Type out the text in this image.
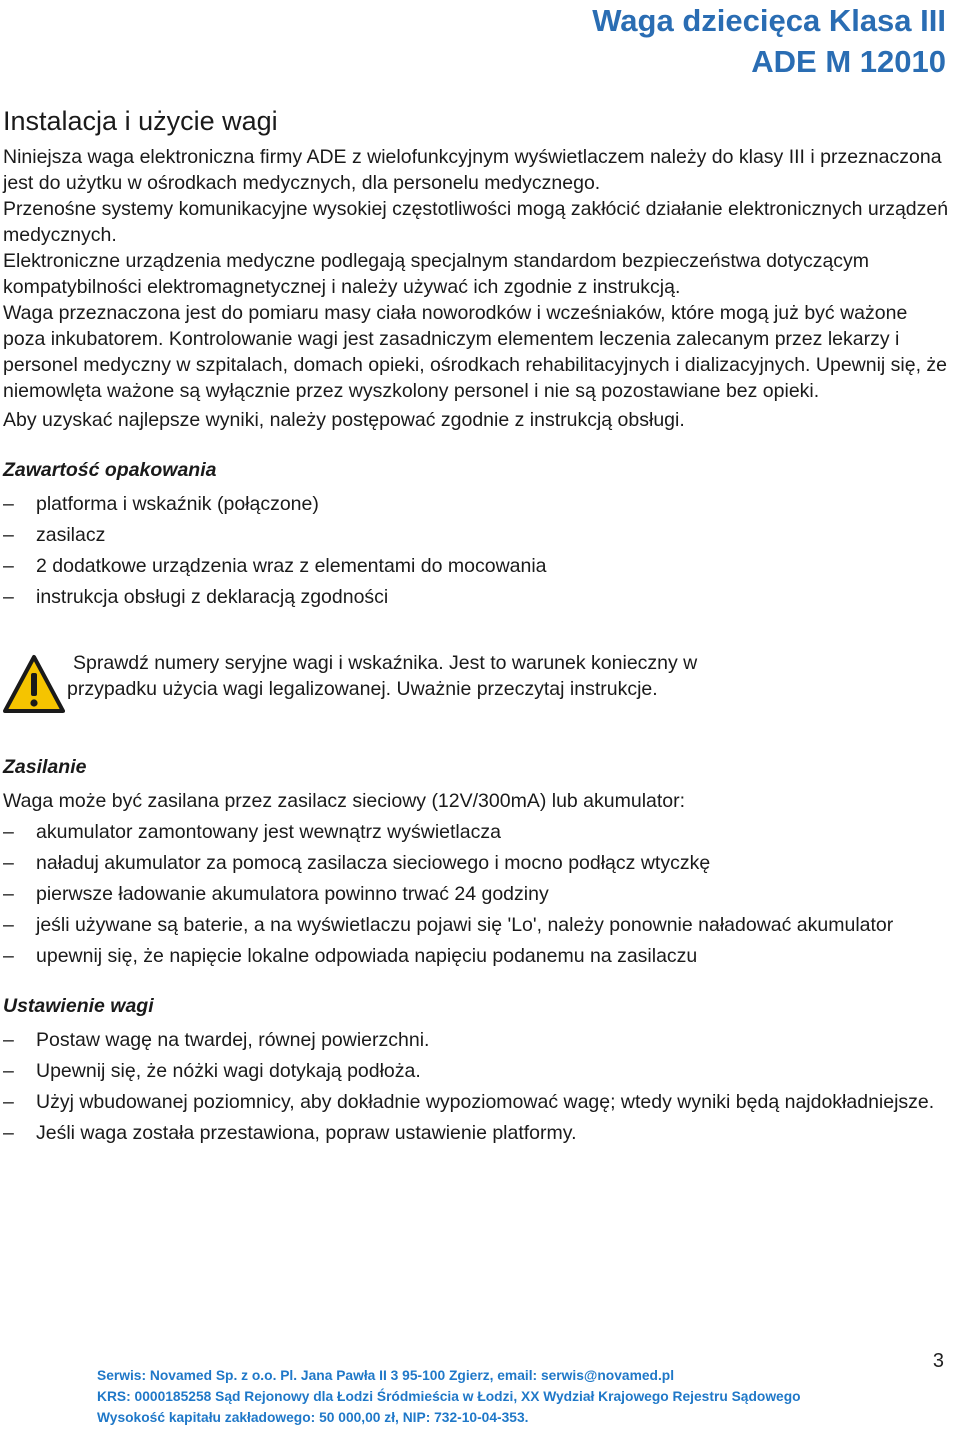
Waga dziecięca Klasa III
ADE M 12010
Instalacja i użycie wagi

Niniejsza waga elektroniczna firmy ADE z wielofunkcyjnym wyświetlaczem należy do klasy III i przeznaczona jest do użytku w ośrodkach medycznych, dla personelu medycznego.

Przenośne systemy komunikacyjne wysokiej częstotliwości mogą zakłócić działanie elektronicznych urządzeń medycznych.

Elektroniczne urządzenia medyczne podlegają specjalnym standardom bezpieczeństwa dotyczącym kompatybilności elektromagnetycznej i należy używać ich zgodnie z instrukcją.

Waga przeznaczona jest do pomiaru masy ciała noworodków i wcześniaków, które mogą już być ważone poza inkubatorem. Kontrolowanie wagi jest zasadniczym elementem leczenia zalecanym przez lekarzy i personel medyczny w szpitalach, domach opieki, ośrodkach rehabilitacyjnych i dializacyjnych. Upewnij się, że niemowlęta ważone są wyłącznie przez wyszkolony personel i nie są pozostawiane bez opieki.

Aby uzyskać najlepsze wyniki, należy postępować zgodnie z instrukcją obsługi.

Zawartość opakowania
–	platforma i wskaźnik (połączone)
–	zasilacz
–	2 dodatkowe urządzenia wraz z elementami do mocowania
–	instrukcja obsługi z deklaracją zgodności
Sprawdź numery seryjne wagi i wskaźnika. Jest to warunek konieczny w
przypadku użycia wagi legalizowanej. Uważnie przeczytaj instrukcje.
Zasilanie

Waga może być zasilana przez zasilacz sieciowy (12V/300mA) lub akumulator:

–	akumulator zamontowany jest wewnątrz wyświetlacza
–	naładuj akumulator za pomocą zasilacza sieciowego i mocno podłącz wtyczkę
–	pierwsze ładowanie akumulatora powinno trwać 24 godziny
–	jeśli używane są baterie, a na wyświetlaczu pojawi się 'Lo', należy ponownie naładować akumulator
–	upewnij się, że napięcie lokalne odpowiada napięciu podanemu na zasilaczu
Ustawienie wagi
–	Postaw wagę na twardej, równej powierzchni.
–	Upewnij się, że nóżki wagi dotykają podłoża.
–	Użyj wbudowanej poziomnicy, aby dokładnie wypoziomować wagę; wtedy wyniki będą najdokładniejsze.
–	Jeśli waga została przestawiona, popraw ustawienie platformy.
3
Serwis: Novamed Sp. z o.o. Pl. Jana Pawła II 3 95-100 Zgierz, email: serwis@novamed.pl
KRS: 0000185258 Sąd Rejonowy dla Łodzi Śródmieścia w Łodzi, XX Wydział Krajowego Rejestru Sądowego
Wysokość kapitału zakładowego: 50 000,00 zł, NIP: 732-10-04-353.
